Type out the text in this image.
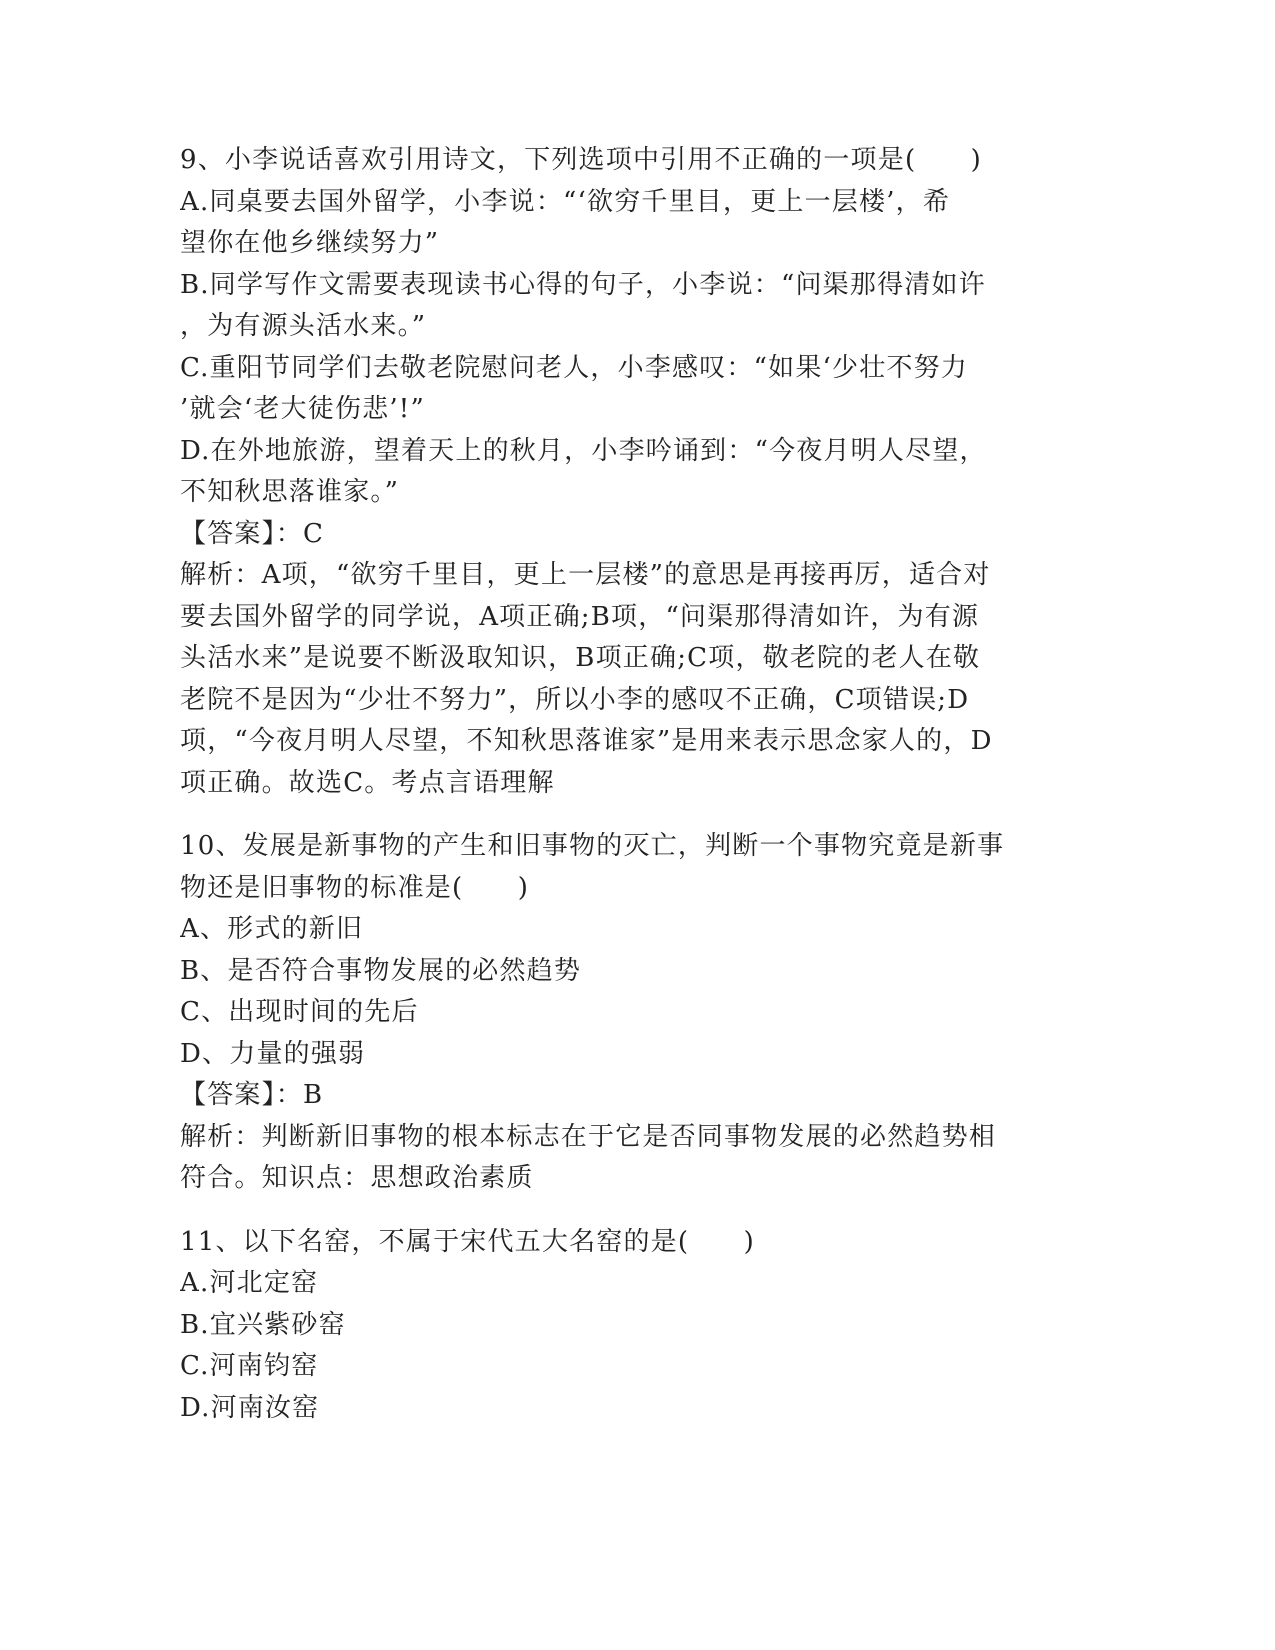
9、小李说话喜欢引用诗文，下列选项中引用不正确的一项是(　　)
A.同桌要去国外留学，小李说：“‘欲穷千里目，更上一层楼’，希
望你在他乡继续努力”
B.同学写作文需要表现读书心得的句子，小李说：“问渠那得清如许
，为有源头活水来。”
C.重阳节同学们去敬老院慰问老人，小李感叹：“如果‘少壮不努力
’就会‘老大徒伤悲’!”
D.在外地旅游，望着天上的秋月，小李吟诵到：“今夜月明人尽望，
不知秋思落谁家。”
【答案】：C
解析：A项，“欲穷千里目，更上一层楼”的意思是再接再厉，适合对
要去国外留学的同学说，A项正确;B项，“问渠那得清如许，为有源
头活水来”是说要不断汲取知识，B项正确;C项，敬老院的老人在敬
老院不是因为“少壮不努力”，所以小李的感叹不正确，C项错误;D
项，“今夜月明人尽望，不知秋思落谁家”是用来表示思念家人的，D
项正确。故选C。考点言语理解
10、发展是新事物的产生和旧事物的灭亡，判断一个事物究竟是新事
物还是旧事物的标准是(　　)
A、形式的新旧
B、是否符合事物发展的必然趋势
C、出现时间的先后
D、力量的强弱
【答案】：B
解析：判断新旧事物的根本标志在于它是否同事物发展的必然趋势相
符合。知识点：思想政治素质
11、以下名窑，不属于宋代五大名窑的是(　　)
A.河北定窑
B.宜兴紫砂窑
C.河南钧窑
D.河南汝窑
